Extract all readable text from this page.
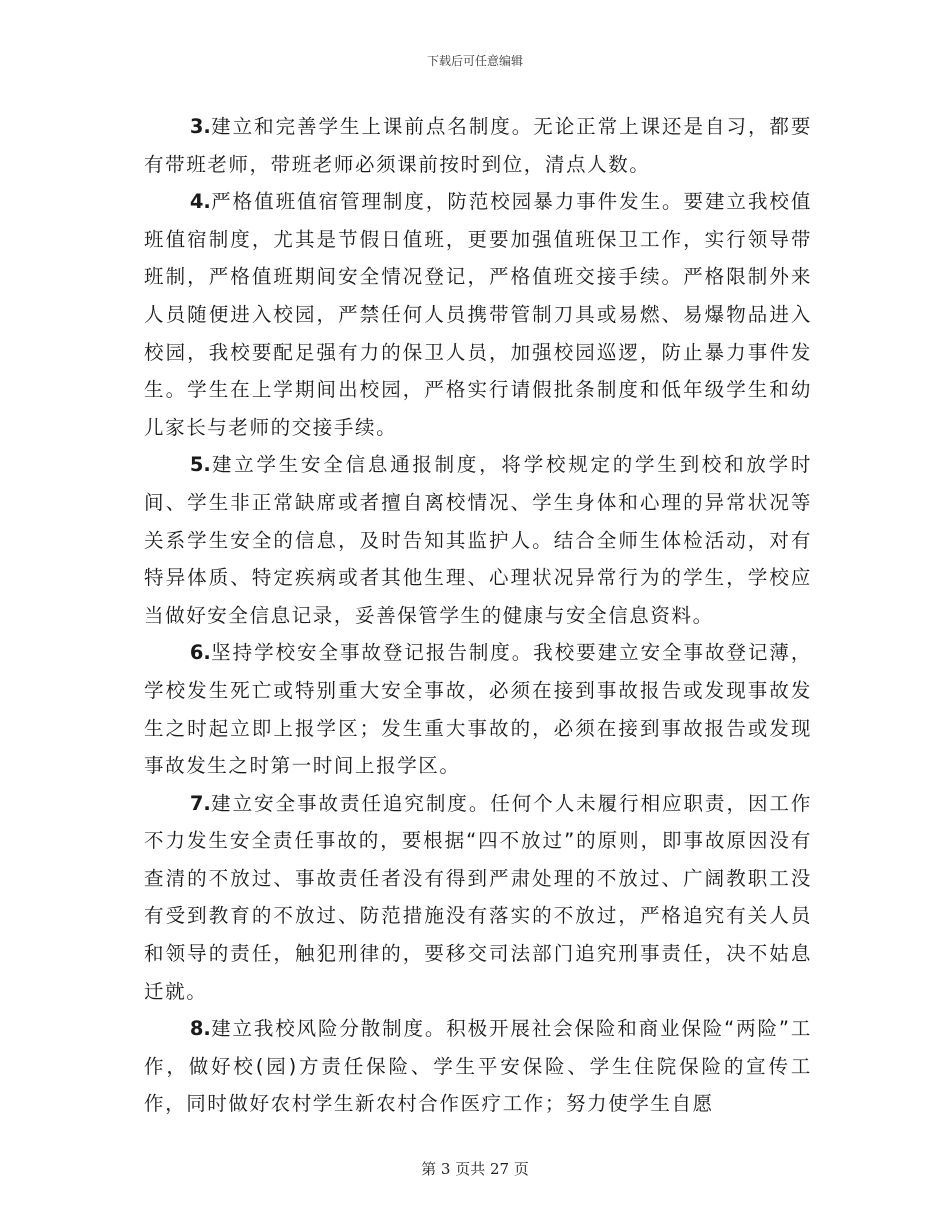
下载后可任意编辑

3.建立和完善学生上课前点名制度。无论正常上课还是自习，都要有带班老师，带班老师必须课前按时到位，清点人数。

4.严格值班值宿管理制度，防范校园暴力事件发生。要建立我校值班值宿制度，尤其是节假日值班，更要加强值班保卫工作，实行领导带班制，严格值班期间安全情况登记，严格值班交接手续。严格限制外来人员随便进入校园，严禁任何人员携带管制刀具或易燃、易爆物品进入校园，我校要配足强有力的保卫人员，加强校园巡逻，防止暴力事件发生。学生在上学期间出校园，严格实行请假批条制度和低年级学生和幼儿家长与老师的交接手续。

5.建立学生安全信息通报制度，将学校规定的学生到校和放学时间、学生非正常缺席或者擅自离校情况、学生身体和心理的异常状况等关系学生安全的信息，及时告知其监护人。结合全师生体检活动，对有特异体质、特定疾病或者其他生理、心理状况异常行为的学生，学校应当做好安全信息记录，妥善保管学生的健康与安全信息资料。

6.坚持学校安全事故登记报告制度。我校要建立安全事故登记薄，学校发生死亡或特别重大安全事故，必须在接到事故报告或发现事故发生之时起立即上报学区；发生重大事故的，必须在接到事故报告或发现事故发生之时第一时间上报学区。

7.建立安全事故责任追究制度。任何个人未履行相应职责，因工作不力发生安全责任事故的，要根据“四不放过”的原则，即事故原因没有查清的不放过、事故责任者没有得到严肃处理的不放过、广阔教职工没有受到教育的不放过、防范措施没有落实的不放过，严格追究有关人员和领导的责任，触犯刑律的，要移交司法部门追究刑事责任，决不姑息迁就。

8.建立我校风险分散制度。积极开展社会保险和商业保险“两险”工作，做好校(园)方责任保险、学生平安保险、学生住院保险的宣传工作，同时做好农村学生新农村合作医疗工作；努力使学生自愿

第 3 页共 27 页
